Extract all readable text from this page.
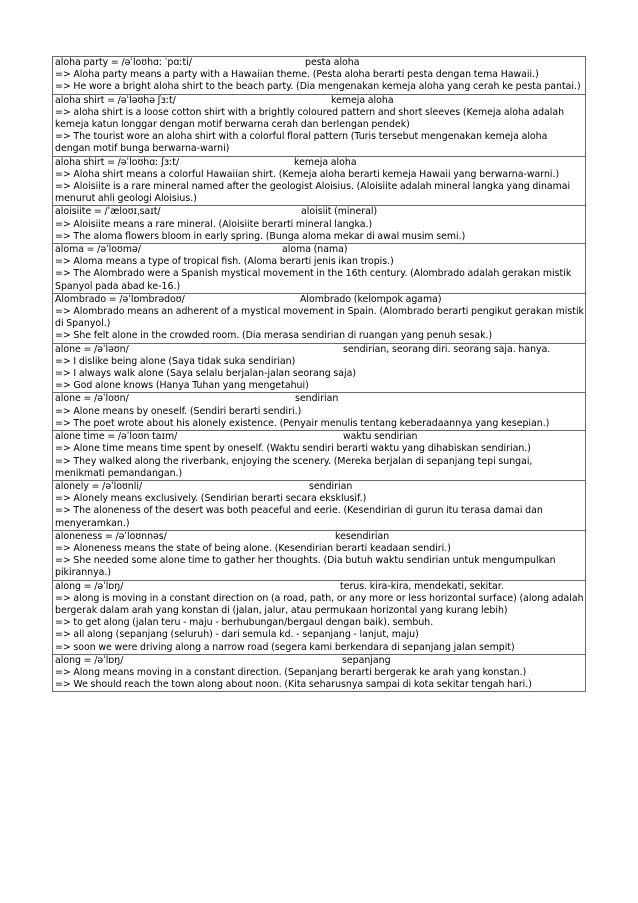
aloha party = /əˈloʊhɑː ˈpɑːti/	pesta aloha
=> Aloha party means a party with a Hawaiian theme. (Pesta aloha berarti pesta dengan tema Hawaii.)
=> He wore a bright aloha shirt to the beach party. (Dia mengenakan kemeja aloha yang cerah ke pesta pantai.)
aloha shirt = /əˈləʊhə ʃɜːt/	kemeja aloha
=> aloha shirt is a loose cotton shirt with a brightly coloured pattern and short sleeves (Kemeja aloha adalah kemeja katun longgar dengan motif berwarna cerah dan berlengan pendek)
=> The tourist wore an aloha shirt with a colorful floral pattern (Turis tersebut mengenakan kemeja aloha dengan motif bunga berwarna-warni)
aloha shirt = /əˈloʊhɑː ʃɜːt/	kemeja aloha
=> Aloha shirt means a colorful Hawaiian shirt. (Kemeja aloha berarti kemeja Hawaii yang berwarna-warni.)
=> Aloisiite is a rare mineral named after the geologist Aloisius. (Aloisiite adalah mineral langka yang dinamai menurut ahli geologi Aloisius.)
aloisiite = /ˈæloʊɪˌsaɪt/	aloisiit (mineral)
=> Aloisiite means a rare mineral. (Aloisiite berarti mineral langka.)
=> The aloma flowers bloom in early spring. (Bunga aloma mekar di awal musim semi.)
aloma = /əˈloʊmə/	aloma (nama)
=> Aloma means a type of tropical fish. (Aloma berarti jenis ikan tropis.)
=> The Alombrado were a Spanish mystical movement in the 16th century. (Alombrado adalah gerakan mistik Spanyol pada abad ke-16.)
Alombrado = /əˈlɒmbrədoʊ/	Alombrado (kelompok agama)
=> Alombrado means an adherent of a mystical movement in Spain. (Alombrado berarti pengikut gerakan mistik di Spanyol.)
=> She felt alone in the crowded room. (Dia merasa sendirian di ruangan yang penuh sesak.)
alone = /əˈləʊn/	sendirian, seorang diri. seorang saja. hanya.
=> I dislike being alone (Saya tidak suka sendirian)
=> I always walk alone (Saya selalu berjalan-jalan seorang saja)
=> God alone knows (Hanya Tuhan yang mengetahui)
alone = /əˈloʊn/	sendirian
=> Alone means by oneself. (Sendiri berarti sendiri.)
=> The poet wrote about his alonely existence. (Penyair menulis tentang keberadaannya yang kesepian.)
alone time = /əˈloʊn taɪm/	waktu sendirian
=> Alone time means time spent by oneself. (Waktu sendiri berarti waktu yang dihabiskan sendirian.)
=> They walked along the riverbank, enjoying the scenery. (Mereka berjalan di sepanjang tepi sungai, menikmati pemandangan.)
alonely = /əˈloʊnli/	sendirian
=> Alonely means exclusively. (Sendirian berarti secara eksklusif.)
=> The aloneness of the desert was both peaceful and eerie. (Kesendirian di gurun itu terasa damai dan menyeramkan.)
aloneness = /əˈloʊnnəs/	kesendirian
=> Aloneness means the state of being alone. (Kesendirian berarti keadaan sendiri.)
=> She needed some alone time to gather her thoughts. (Dia butuh waktu sendirian untuk mengumpulkan pikirannya.)
along = /əˈlɒŋ/	terus. kira-kira, mendekati, sekitar.
=> along is moving in a constant direction on (a road, path, or any more or less horizontal surface) (along adalah bergerak dalam arah yang konstan di (jalan, jalur, atau permukaan horizontal yang kurang lebih)
=> to get along (jalan teru - maju - berhubungan/bergaul dengan baik). sembuh.
=> all along (sepanjang (seluruh) - dari semula kd. - sepanjang - lanjut, maju)
=> soon we were driving along a narrow road (segera kami berkendara di sepanjang jalan sempit)
along = /əˈlɒŋ/	sepanjang
=> Along means moving in a constant direction. (Sepanjang berarti bergerak ke arah yang konstan.)
=> We should reach the town along about noon. (Kita seharusnya sampai di kota sekitar tengah hari.)
